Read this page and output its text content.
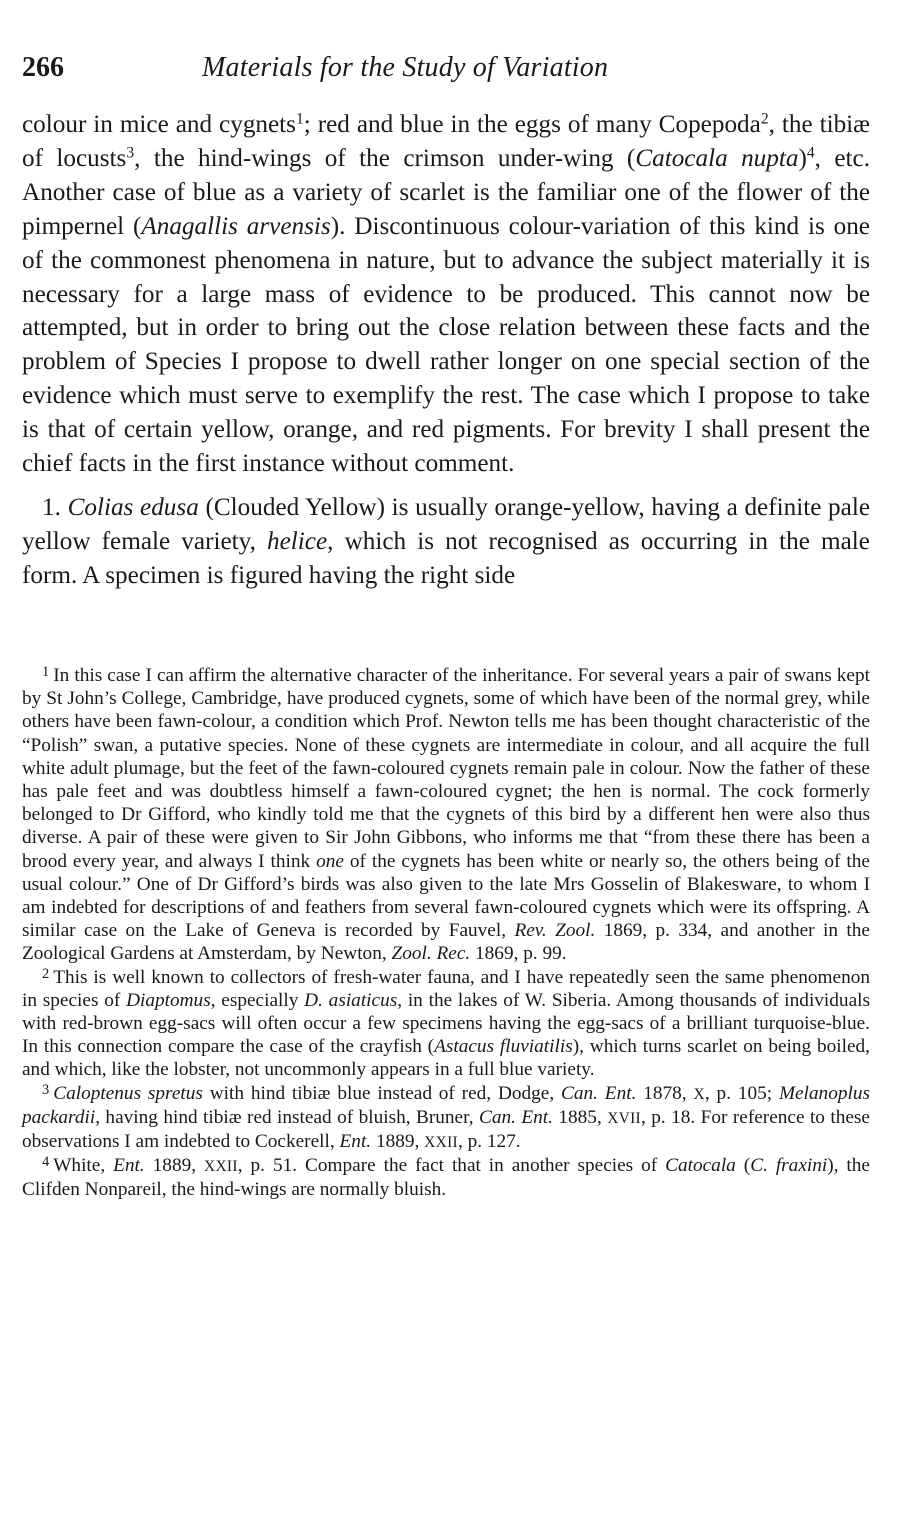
266	Materials for the Study of Variation

colour in mice and cygnets$^1$; red and blue in the eggs of many Copepoda$^2$, the tibiæ of locusts$^3$, the hind-wings of the crimson under-wing (Catocala nupta)$^4$, etc. Another case of blue as a variety of scarlet is the familiar one of the flower of the pimpernel (Anagallis arvensis). Discontinuous colour-variation of this kind is one of the commonest phenomena in nature, but to advance the subject materially it is necessary for a large mass of evidence to be produced. This cannot now be attempted, but in order to bring out the close relation between these facts and the problem of Species I propose to dwell rather longer on one special section of the evidence which must serve to exemplify the rest. The case which I propose to take is that of certain yellow, orange, and red pigments. For brevity I shall present the chief facts in the first instance without comment.

1. Colias edusa (Clouded Yellow) is usually orange-yellow, having a definite pale yellow female variety, helice, which is not recognised as occurring in the male form. A specimen is figured having the right side

$^1$ In this case I can affirm the alternative character of the inheritance. For several years a pair of swans kept by St John’s College, Cambridge, have produced cygnets, some of which have been of the normal grey, while others have been fawn-colour, a condition which Prof. Newton tells me has been thought characteristic of the “Polish” swan, a putative species. None of these cygnets are intermediate in colour, and all acquire the full white adult plumage, but the feet of the fawn-coloured cygnets remain pale in colour. Now the father of these has pale feet and was doubtless himself a fawn-coloured cygnet; the hen is normal. The cock formerly belonged to Dr Gifford, who kindly told me that the cygnets of this bird by a different hen were also thus diverse. A pair of these were given to Sir John Gibbons, who informs me that “from these there has been a brood every year, and always I think one of the cygnets has been white or nearly so, the others being of the usual colour.” One of Dr Gifford’s birds was also given to the late Mrs Gosselin of Blakesware, to whom I am indebted for descriptions of and feathers from several fawn-coloured cygnets which were its offspring. A similar case on the Lake of Geneva is recorded by Fauvel, Rev. Zool. 1869, p. 334, and another in the Zoological Gardens at Amsterdam, by Newton, Zool. Rec. 1869, p. 99.

$^2$ This is well known to collectors of fresh-water fauna, and I have repeatedly seen the same phenomenon in species of Diaptomus, especially D. asiaticus, in the lakes of W. Siberia. Among thousands of individuals with red-brown egg-sacs will often occur a few specimens having the egg-sacs of a brilliant turquoise-blue. In this connection compare the case of the crayfish (Astacus fluviatilis), which turns scarlet on being boiled, and which, like the lobster, not uncommonly appears in a full blue variety.

$^3$ Caloptenus spretus with hind tibiæ blue instead of red, Dodge, Can. Ent. 1878, X, p. 105; Melanoplus packardii, having hind tibiæ red instead of bluish, Bruner, Can. Ent. 1885, XVII, p. 18. For reference to these observations I am indebted to Cockerell, Ent. 1889, XXII, p. 127.

$^4$ White, Ent. 1889, XXII, p. 51. Compare the fact that in another species of Catocala (C. fraxini), the Clifden Nonpareil, the hind-wings are normally bluish.
